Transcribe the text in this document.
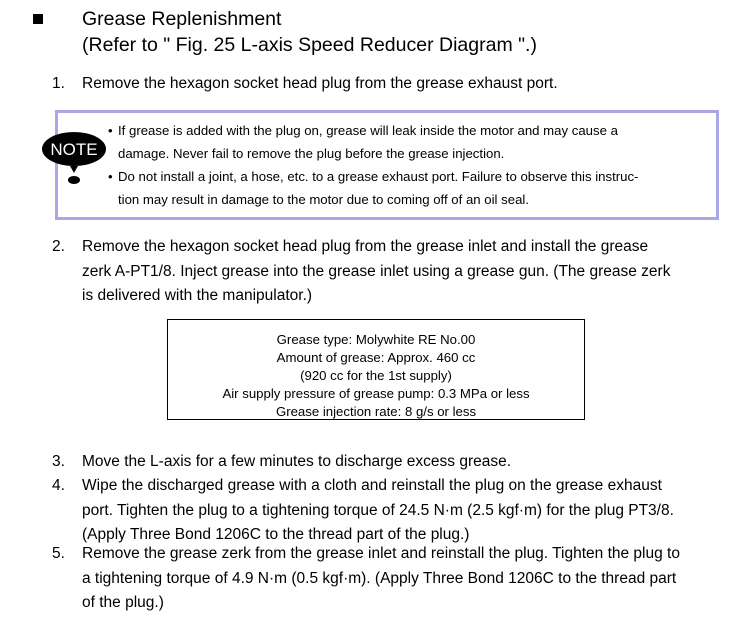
Grease Replenishment
(Refer to " Fig. 25 L-axis Speed Reducer Diagram ".)
1. Remove the hexagon socket head plug from the grease exhaust port.
NOTE
• If grease is added with the plug on, grease will leak inside the motor and may cause a
damage. Never fail to remove the plug before the grease injection.
• Do not install a joint, a hose, etc. to a grease exhaust port. Failure to observe this instruc-
tion may result in damage to the motor due to coming off of an oil seal.
2. Remove the hexagon socket head plug from the grease inlet and install the grease
zerk A-PT1/8. Inject grease into the grease inlet using a grease gun. (The grease zerk
is delivered with the manipulator.)
Grease type: Molywhite RE No.00
Amount of grease: Approx. 460 cc
(920 cc for the 1st supply)
Air supply pressure of grease pump: 0.3 MPa or less
Grease injection rate: 8 g/s or less
3. Move the L-axis for a few minutes to discharge excess grease.
4. Wipe the discharged grease with a cloth and reinstall the plug on the grease exhaust
port. Tighten the plug to a tightening torque of 24.5 N·m (2.5 kgf·m) for the plug PT3/8.
(Apply Three Bond 1206C to the thread part of the plug.)
5. Remove the grease zerk from the grease inlet and reinstall the plug. Tighten the plug to
a tightening torque of 4.9 N·m (0.5 kgf·m). (Apply Three Bond 1206C to the thread part
of the plug.)
